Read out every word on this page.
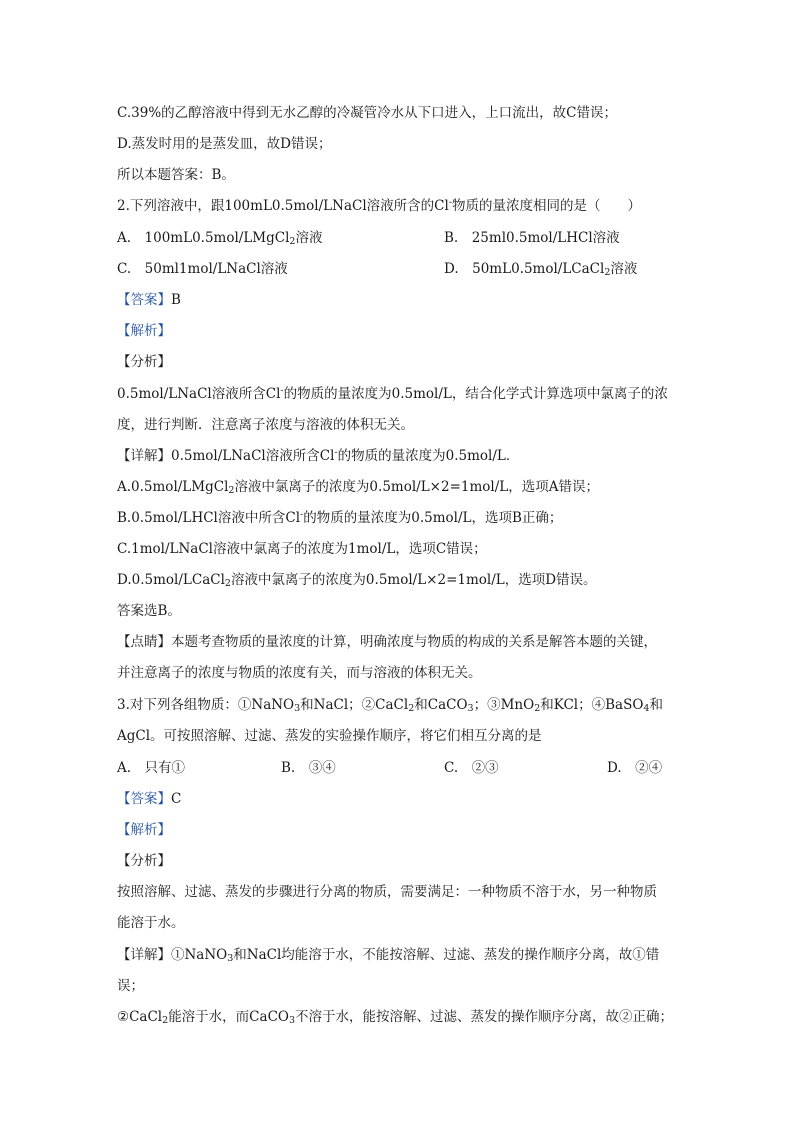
C.39%的乙醇溶液中得到无水乙醇的冷凝管冷水从下口进入，上口流出，故C错误；
D.蒸发时用的是蒸发皿，故D错误；
所以本题答案：B。
2.下列溶液中，跟100mL0.5mol/LNaCl溶液所含的Cl-物质的量浓度相同的是（　　）
A.　100mL0.5mol/LMgCl$_2$溶液	B.　25ml0.5mol/LHCl溶液
C.　50ml1mol/LNaCl溶液	D.　50mL0.5mol/LCaCl$_2$溶液
【答案】B
【解析】
【分析】
0.5mol/LNaCl溶液所含Cl-的物质的量浓度为0.5mol/L，结合化学式计算选项中氯离子的浓
度，进行判断．注意离子浓度与溶液的体积无关。
【详解】0.5mol/LNaCl溶液所含Cl-的物质的量浓度为0.5mol/L．
A.0.5mol/LMgCl$_2$溶液中氯离子的浓度为0.5mol/L×2=1mol/L，选项A错误；
B.0.5mol/LHCl溶液中所含Cl-的物质的量浓度为0.5mol/L，选项B正确；
C.1mol/LNaCl溶液中氯离子的浓度为1mol/L，选项C错误；
D.0.5mol/LCaCl$_2$溶液中氯离子的浓度为0.5mol/L×2=1mol/L，选项D错误。
答案选B。
【点睛】本题考查物质的量浓度的计算，明确浓度与物质的构成的关系是解答本题的关键，
并注意离子的浓度与物质的浓度有关，而与溶液的体积无关。
3.对下列各组物质：①NaNO$_3$和NaCl；②CaCl$_2$和CaCO$_3$；③MnO$_2$和KCl；④BaSO$_4$和
AgCl。可按照溶解、过滤、蒸发的实验操作顺序，将它们相互分离的是
A.　只有①	B.　③④	C.　②③	D.　②④
【答案】C
【解析】
【分析】
按照溶解、过滤、蒸发的步骤进行分离的物质，需要满足：一种物质不溶于水，另一种物质
能溶于水。
【详解】①NaNO$_3$和NaCl均能溶于水，不能按溶解、过滤、蒸发的操作顺序分离，故①错
误；
②CaCl$_2$能溶于水，而CaCO$_3$不溶于水，能按溶解、过滤、蒸发的操作顺序分离，故②正确；
